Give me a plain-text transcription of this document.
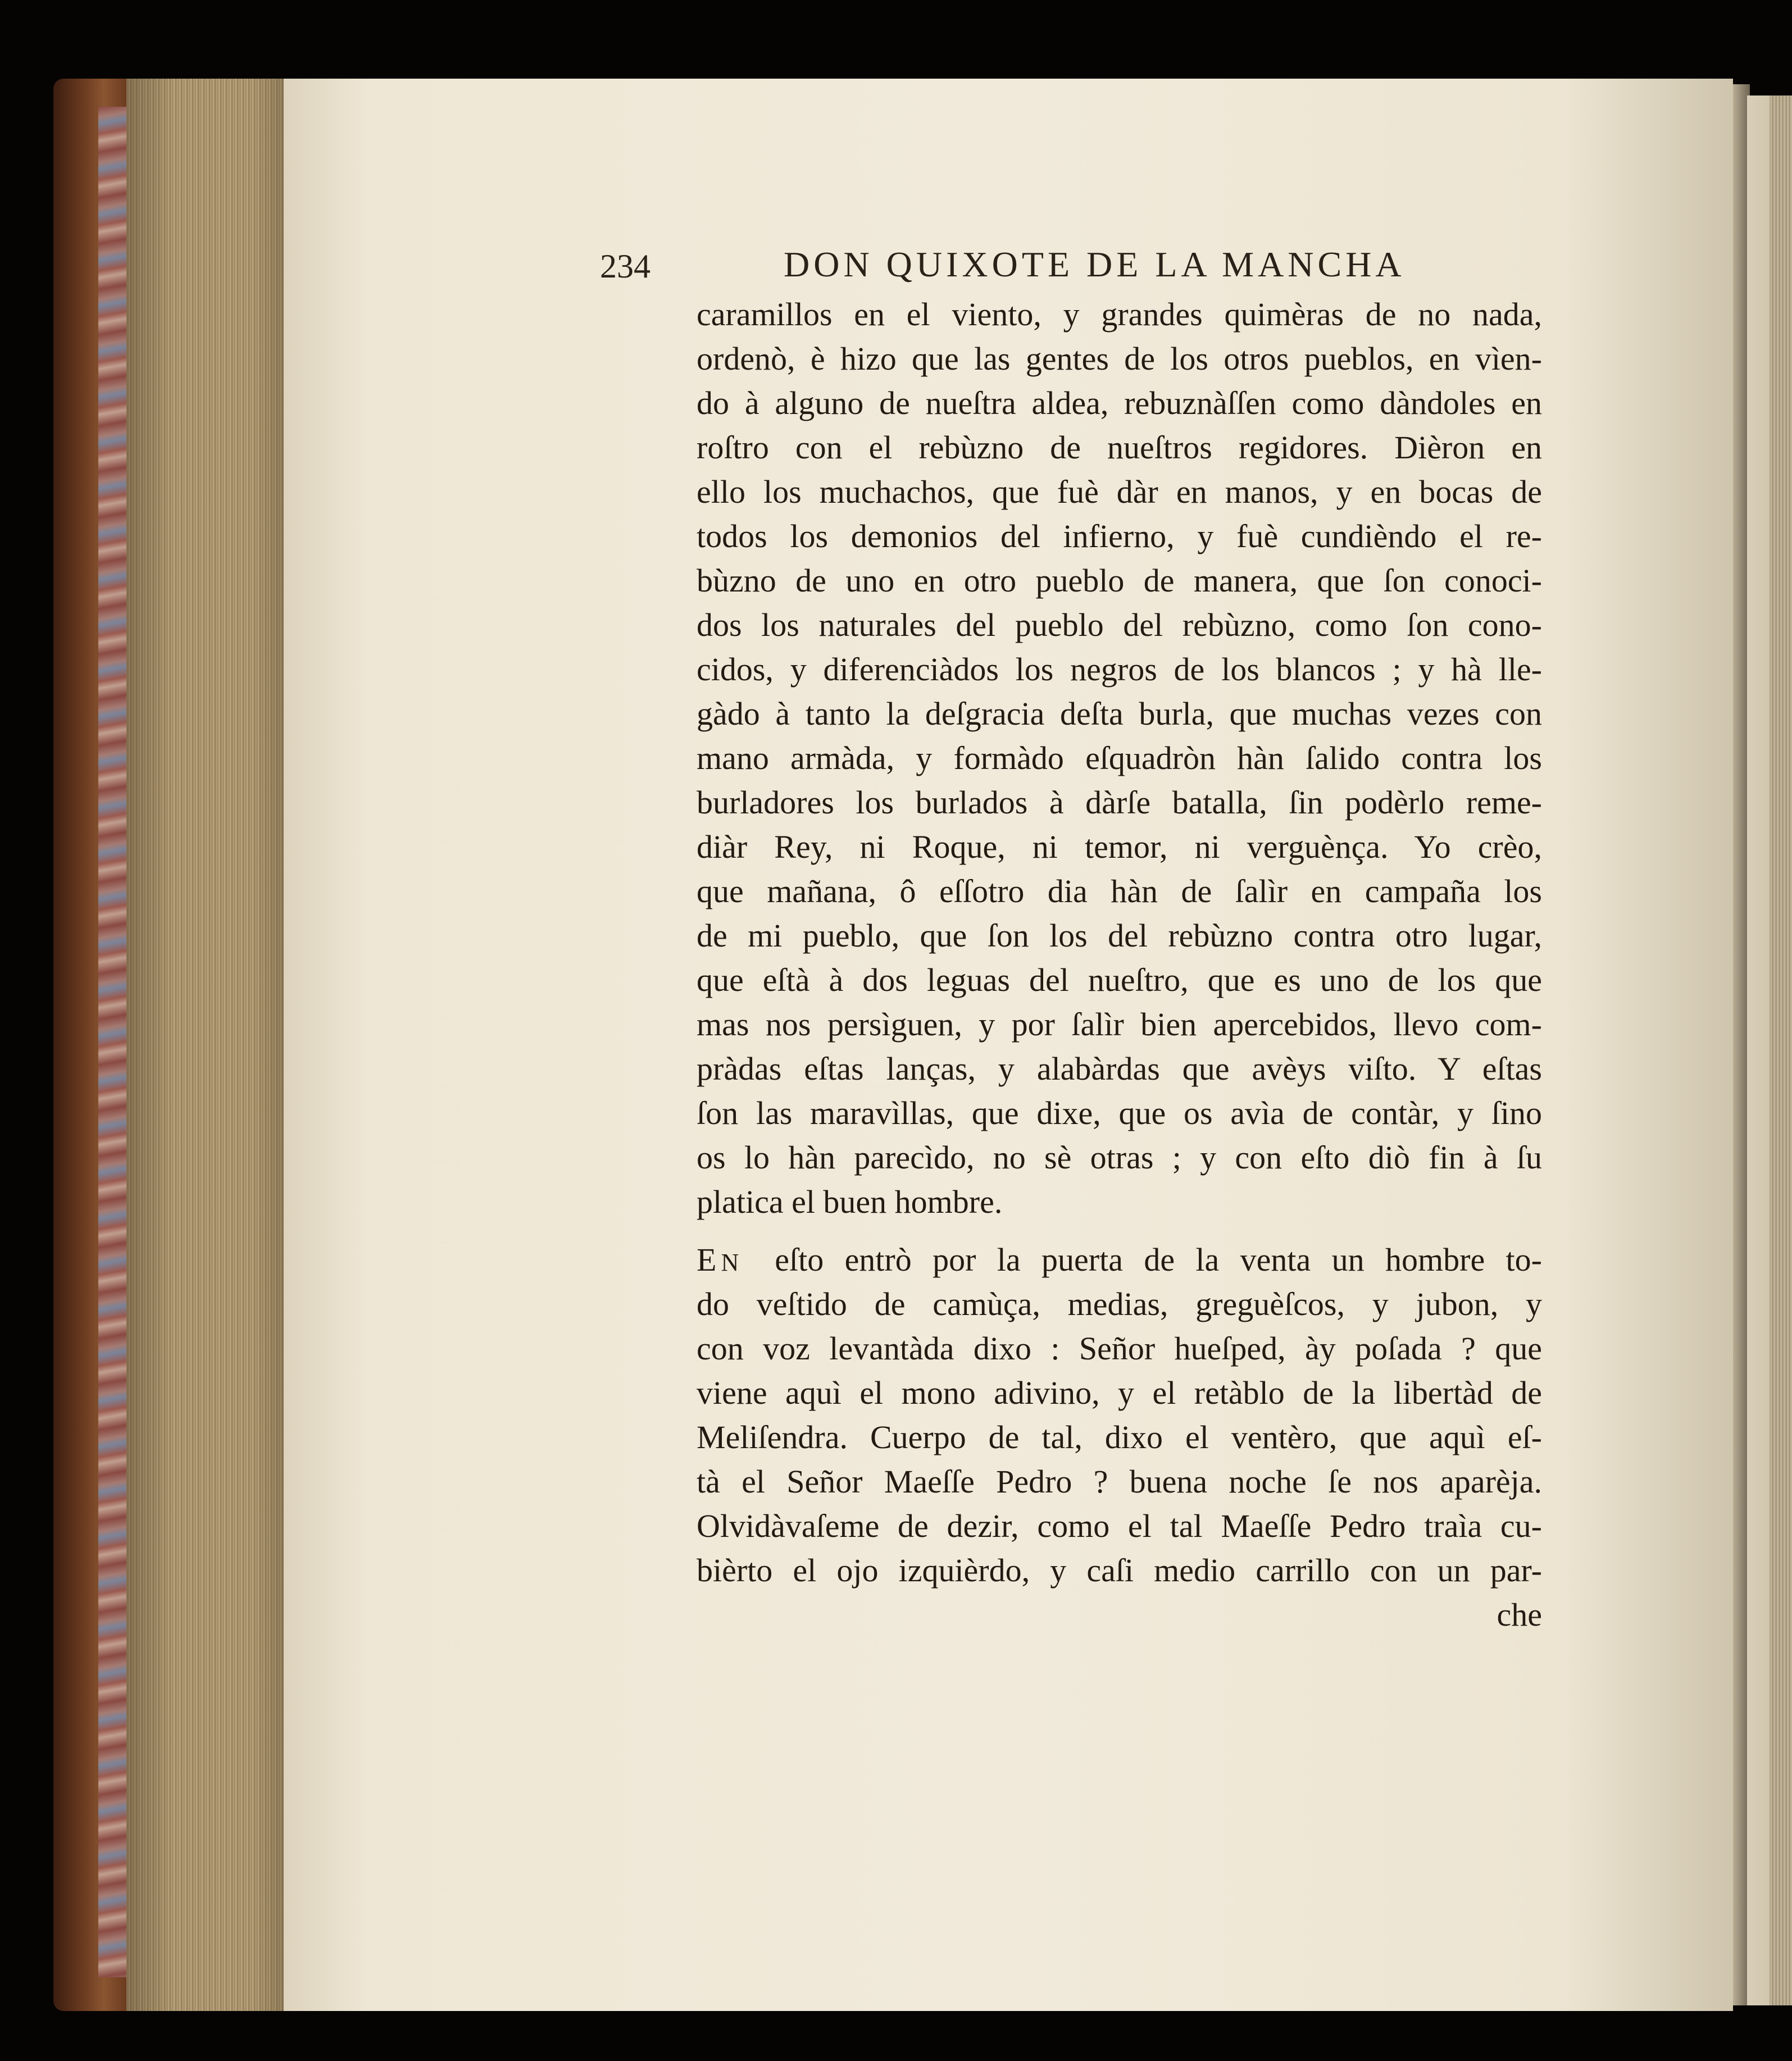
234	DON QUIXOTE DE LA MANCHA
caramillos en el viento, y grandes quimèras de no nada,
ordenò, è hizo que las gentes de los otros pueblos, en vìen-
do à alguno de nueſtra aldea, rebuznàſſen como dàndoles en
roſtro con el rebùzno de nueſtros regidores. Dièron en
ello los muchachos, que fuè dàr en manos, y en bocas de
todos los demonios del infierno, y fuè cundièndo el re-
bùzno de uno en otro pueblo de manera, que ſon conoci-
dos los naturales del pueblo del rebùzno, como ſon cono-
cidos, y diferenciàdos los negros de los blancos ; y hà lle-
gàdo à tanto la deſgracia deſta burla, que muchas vezes con
mano armàda, y formàdo eſquadròn hàn ſalido contra los
burladores los burlados à dàrſe batalla, ſin podèrlo reme-
diàr Rey, ni Roque, ni temor, ni verguènça. Yo crèo,
que mañana, ô eſſotro dia hàn de ſalìr en campaña los
de mi pueblo, que ſon los del rebùzno contra otro lugar,
que eſtà à dos leguas del nueſtro, que es uno de los que
mas nos persìguen, y por ſalìr bien apercebidos, llevo com-
pràdas eſtas lanças, y alabàrdas que avèys viſto. Y eſtas
ſon las maravìllas, que dixe, que os avìa de contàr, y ſino
os lo hàn parecìdo, no sè otras ; y con eſto diò fin à ſu
platica el buen hombre.
EN  eſto entrò por la puerta de la venta un hombre to-
do veſtido de camùça, medias, greguèſcos, y jubon, y
con voz levantàda dixo : Señor hueſped, ày poſada ? que
viene aquì el mono adivino, y el retàblo de la libertàd de
Meliſendra. Cuerpo de tal, dixo el ventèro, que aquì eſ-
tà el Señor Maeſſe Pedro ? buena noche ſe nos aparèja.
Olvidàvaſeme de dezir, como el tal Maeſſe Pedro traìa cu-
bièrto el ojo izquièrdo, y caſi medio carrillo con un par-
che
